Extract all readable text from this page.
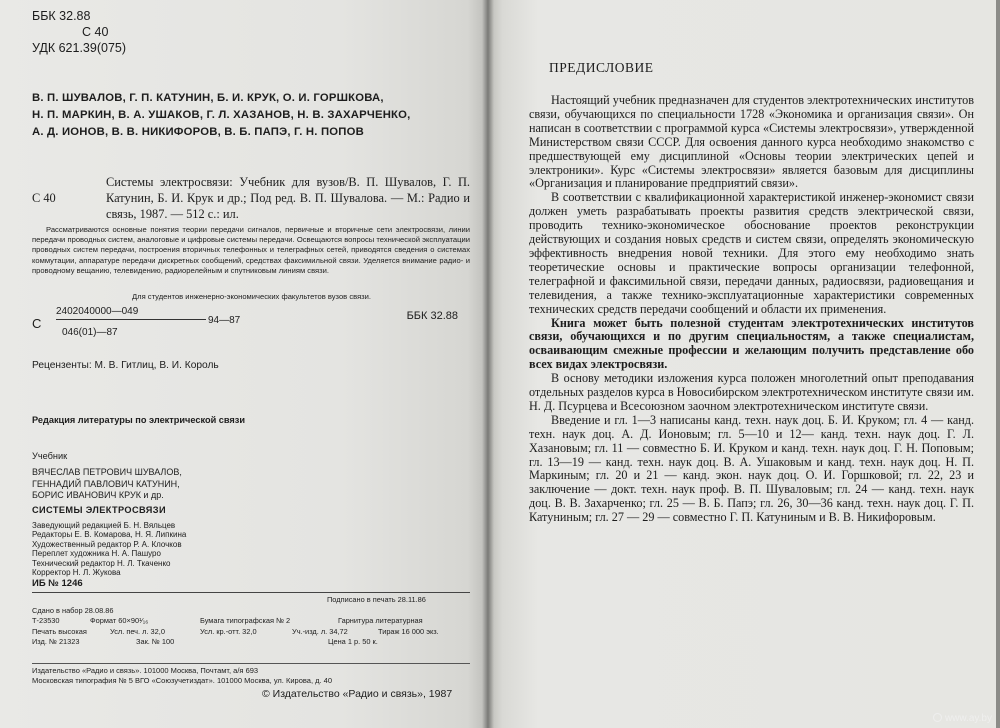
ББК 32.88
С 40
УДК 621.39(075)
В. П. ШУВАЛОВ, Г. П. КАТУНИН, Б. И. КРУК, О. И. ГОРШКОВА,
Н. П. МАРКИН, В. А. УШАКОВ, Г. Л. ХАЗАНОВ, Н. В. ЗАХАРЧЕНКО,
А. Д. ИОНОВ, В. В. НИКИФОРОВ, В. Б. ПАПЭ, Г. Н. ПОПОВ
С 40
Системы электросвязи: Учебник для вузов/В. П. Шувалов, Г. П. Катунин, Б. И. Крук и др.; Под ред. В. П. Шувалова. — М.: Радио и связь, 1987. — 512 с.: ил.
Рассматриваются основные понятия теории передачи сигналов, первичные и вторичные сети электросвязи, линии передачи проводных систем, аналоговые и цифровые системы передачи. Освещаются вопросы технической эксплуатации проводных систем передачи, построения вторичных телефонных и телеграфных сетей, приводятся сведения о системах коммутации, аппаратуре передачи дискретных сообщений, средствах факсимильной связи. Уделяется внимание радио- и проводному вещанию, телевидению, радиорелейным и спутниковым линиям связи.
Для студентов инженерно-экономических факультетов вузов связи.
С
2402040000—049
94—87
046(01)—87
ББК 32.88
Рецензенты: М. В. Гитлиц, В. И. Король
Редакция литературы по электрической связи
Учебник
ВЯЧЕСЛАВ ПЕТРОВИЧ ШУВАЛОВ,
ГЕННАДИЙ ПАВЛОВИЧ КАТУНИН,
БОРИС ИВАНОВИЧ КРУК и др.
СИСТЕМЫ ЭЛЕКТРОСВЯЗИ
Заведующий редакцией Б. Н. Вяльцев
Редакторы Е. В. Комарова, Н. Я. Липкина
Художественный редактор Р. А. Клочков
Переплет художника Н. А. Пашуро
Технический редактор Н. Л. Ткаченко
Корректор Н. Л. Жукова
ИБ № 1246
Подписано в печать 28.11.86
Сдано в набор 28.08.86
Т-23530	Формат 60×90¹⁄₁₆	Бумага типографская № 2	Гарнитура литературная
Печать высокая	Усл. печ. л. 32,0	Усл. кр.-отт. 32,0	Уч.-изд. л. 34,72	Тираж 16 000 экз.
Изд. № 21323	Зак. № 100	Цена 1 р. 50 к.
Издательство «Радио и связь». 101000 Москва, Почтамт, а/я 693
Московская типография № 5 ВГО «Союзучетиздат». 101000 Москва, ул. Кирова, д. 40
© Издательство «Радио и связь», 1987
ПРЕДИСЛОВИЕ

Настоящий учебник предназначен для студентов электротехнических институтов связи, обучающихся по специальности 1728 «Экономика и организация связи». Он написан в соответствии с программой курса «Системы электросвязи», утвержденной Министерством связи СССР. Для освоения данного курса необходимо знакомство с предшествующей ему дисциплиной «Основы теории электрических цепей и электроники». Курс «Системы электросвязи» является базовым для дисциплины «Организация и планирование предприятий связи».

В соответствии с квалификационной характеристикой инженер-экономист связи должен уметь разрабатывать проекты развития средств электрической связи, проводить технико-экономическое обоснование проектов реконструкции действующих и создания новых средств и систем связи, определять экономическую эффективность внедрения новой техники. Для этого ему необходимо знать теоретические основы и практические вопросы организации телефонной, телеграфной и факсимильной связи, передачи данных, радиосвязи, радиовещания и телевидения, а также технико-эксплуатационные характеристики современных технических средств передачи сообщений и области их применения.

Книга может быть полезной студентам электротехнических институтов связи, обучающихся и по другим специальностям, а также специалистам, осваивающим смежные профессии и желающим получить представление обо всех видах электросвязи.

В основу методики изложения курса положен многолетний опыт преподавания отдельных разделов курса в Новосибирском электротехническом институте связи им. Н. Д. Псурцева и Всесоюзном заочном электротехническом институте связи.

Введение и гл. 1—3 написаны канд. техн. наук доц. Б. И. Круком; гл. 4 — канд. техн. наук доц. А. Д. Ионовым; гл. 5—10 и 12— канд. техн. наук доц. Г. Л. Хазановым; гл. 11 — совместно Б. И. Круком и канд. техн. наук доц. Г. Н. Поповым; гл. 13—19 — канд. техн. наук доц. В. А. Ушаковым и канд. техн. наук доц. Н. П. Маркиным; гл. 20 и 21 — канд. экон. наук доц. О. И. Горшковой; гл. 22, 23 и заключение — докт. техн. наук проф. В. П. Шуваловым; гл. 24 — канд. техн. наук доц. В. В. Захарченко; гл. 25 — В. Б. Папэ; гл. 26, 30—36 канд. техн. наук доц. Г. П. Катуниным; гл. 27 — 29 — совместно Г. П. Катуниным и В. В. Никифоровым.

www.ay.by
